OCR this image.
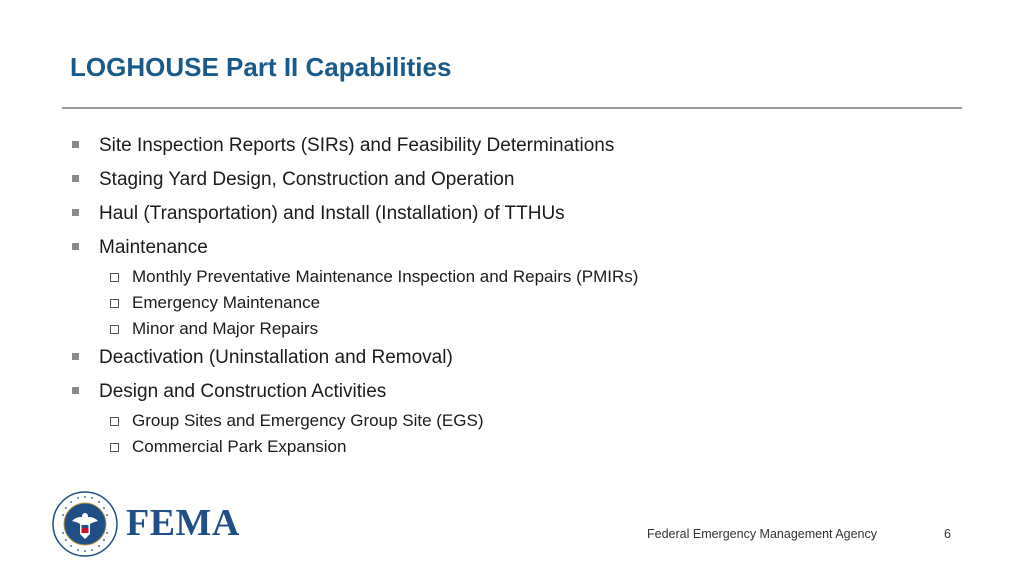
LOGHOUSE Part II Capabilities
Site Inspection Reports (SIRs) and Feasibility Determinations
Staging Yard Design, Construction and Operation
Haul (Transportation) and Install (Installation) of TTHUs
Maintenance
Monthly Preventative Maintenance Inspection and Repairs (PMIRs)
Emergency Maintenance
Minor and Major Repairs
Deactivation (Uninstallation and Removal)
Design and Construction Activities
Group Sites and Emergency Group Site (EGS)
Commercial Park Expansion
FEMA	Federal Emergency Management Agency	6
